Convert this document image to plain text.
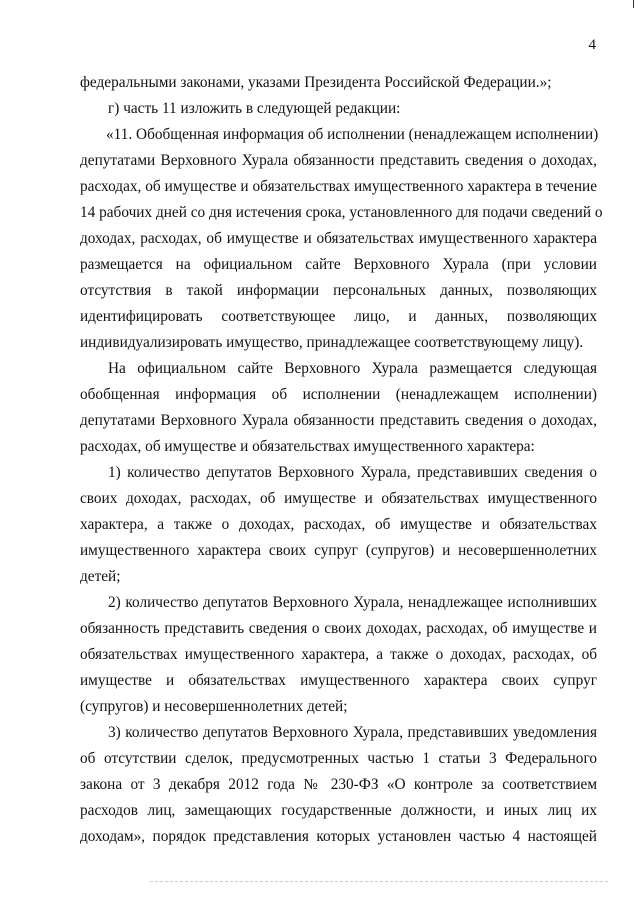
4
федеральными законами, указами Президента Российской Федерации.»;
г) часть 11 изложить в следующей редакции:
«11. Обобщенная информация об исполнении (ненадлежащем исполнении)
депутатами Верховного Хурала обязанности представить сведения о доходах,
расходах, об имуществе и обязательствах имущественного характера в течение
14 рабочих дней со дня истечения срока, установленного для подачи сведений о
доходах, расходах, об имуществе и обязательствах имущественного характера
размещается на официальном сайте Верховного Хурала (при условии
отсутствия в такой информации персональных данных, позволяющих
идентифицировать соответствующее лицо, и данных, позволяющих
индивидуализировать имущество, принадлежащее соответствующему лицу).
На официальном сайте Верховного Хурала размещается следующая
обобщенная информация об исполнении (ненадлежащем исполнении)
депутатами Верховного Хурала обязанности представить сведения о доходах,
расходах, об имуществе и обязательствах имущественного характера:
1) количество депутатов Верховного Хурала, представивших сведения о
своих доходах, расходах, об имуществе и обязательствах имущественного
характера, а также о доходах, расходах, об имуществе и обязательствах
имущественного характера своих супруг (супругов) и несовершеннолетних
детей;
2) количество депутатов Верховного Хурала, ненадлежащее исполнивших
обязанность представить сведения о своих доходах, расходах, об имуществе и
обязательствах имущественного характера, а также о доходах, расходах, об
имуществе и обязательствах имущественного характера своих супруг
(супругов) и несовершеннолетних детей;
3) количество депутатов Верховного Хурала, представивших уведомления
об отсутствии сделок, предусмотренных частью 1 статьи 3 Федерального
закона от 3 декабря 2012 года № 230-ФЗ «О контроле за соответствием
расходов лиц, замещающих государственные должности, и иных лиц их
доходам», порядок представления которых установлен частью 4 настоящей
